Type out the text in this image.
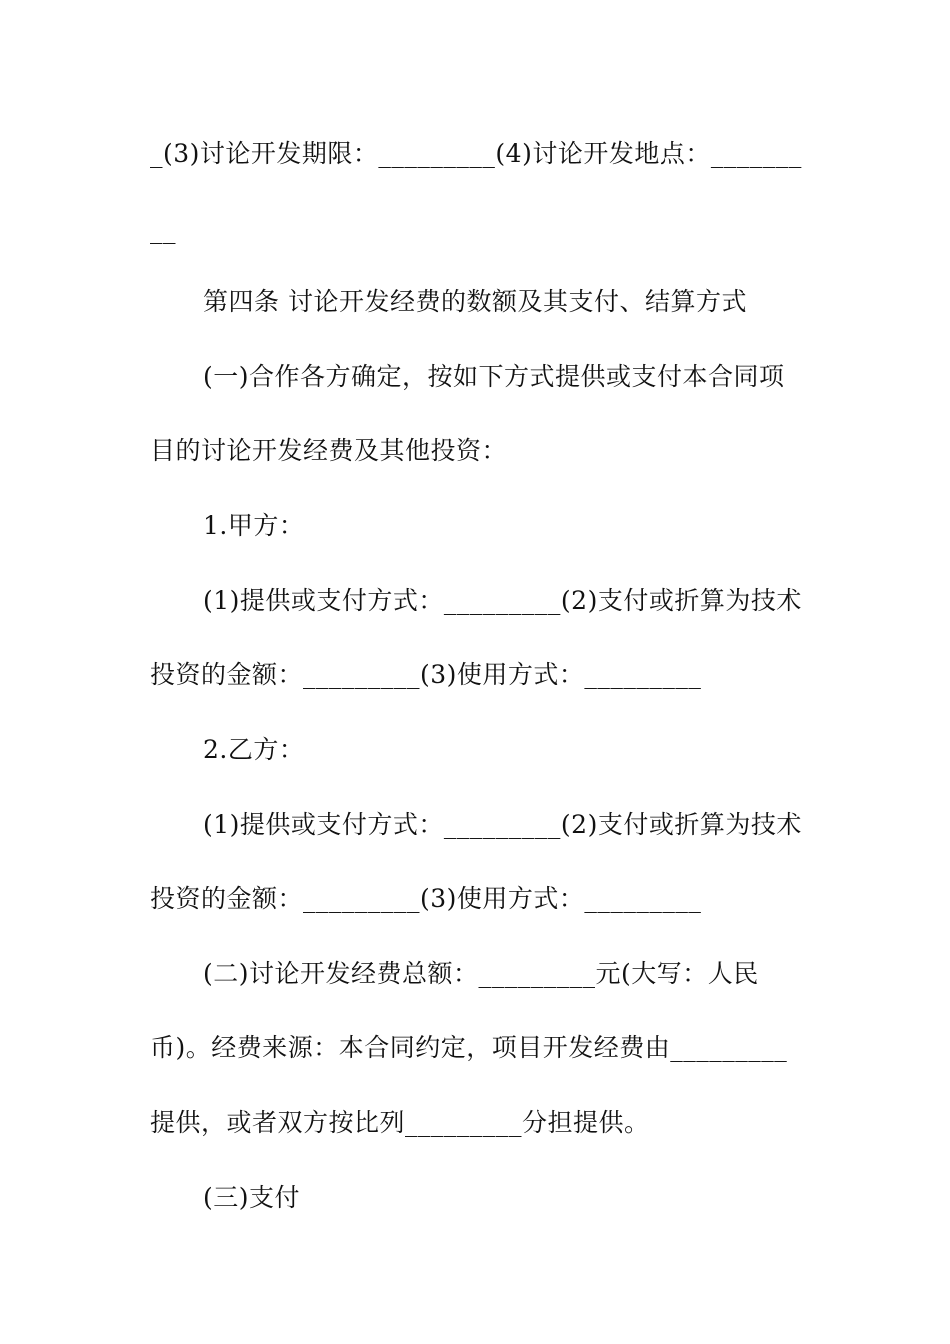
_(3)讨论开发期限：_________(4)讨论开发地点：_______
__
第四条 讨论开发经费的数额及其支付、结算方式
(一)合作各方确定，按如下方式提供或支付本合同项
目的讨论开发经费及其他投资：
1.甲方：
(1)提供或支付方式：_________(2)支付或折算为技术
投资的金额：_________(3)使用方式：_________
2.乙方：
(1)提供或支付方式：_________(2)支付或折算为技术
投资的金额：_________(3)使用方式：_________
(二)讨论开发经费总额：_________元(大写：人民
币)。经费来源：本合同约定，项目开发经费由_________
提供，或者双方按比列_________分担提供。
(三)支付
